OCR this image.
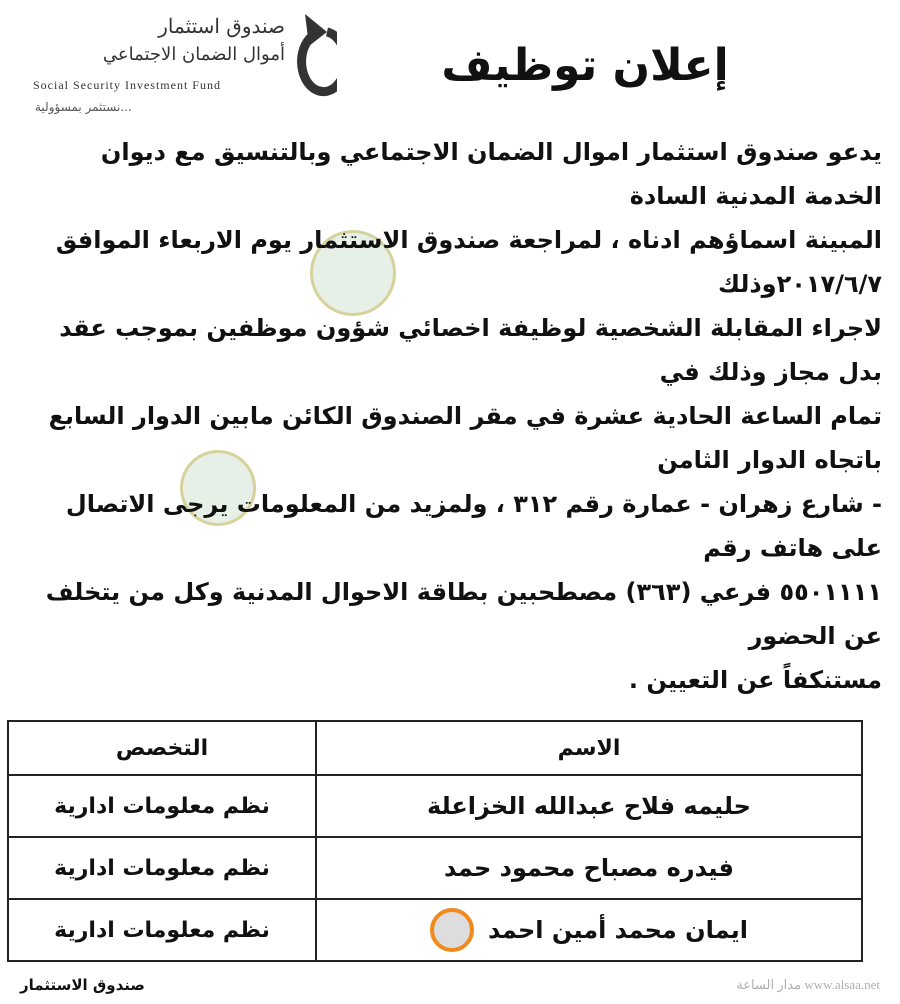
صندوق استثمار
أموال الضمان الاجتماعي
Social Security Investment Fund
...نستثمر بمسؤولية
إعلان توظيف

يدعو صندوق استثمار اموال الضمان الاجتماعي وبالتنسيق مع ديوان الخدمة المدنية السادة

المبينة اسماؤهم ادناه ، لمراجعة صندوق الاستثمار يوم الاربعاء الموافق ٢٠١٧/٦/٧وذلك

لاجراء المقابلة الشخصية لوظيفة اخصائي شؤون موظفين بموجب عقد بدل مجاز وذلك في

تمام الساعة الحادية عشرة في مقر الصندوق الكائن مابين الدوار السابع باتجاه الدوار الثامن

- شارع زهران - عمارة رقم ٣١٢ ، ولمزيد من المعلومات يرجى الاتصال على هاتف رقم

٥٥٠١١١١ فرعي (٣٦٣) مصطحبين بطاقة الاحوال المدنية وكل من يتخلف عن الحضور

مستنكفاً عن التعيين .

الاسم	التخصص
حليمه فلاح عبدالله الخزاعلة	نظم معلومات ادارية
فيدره مصباح محمود حمد	نظم معلومات ادارية

ايمان محمد أمين احمد	نظم معلومات ادارية
صندوق الاستثمار	مدار الساعة www.alsaa.net
